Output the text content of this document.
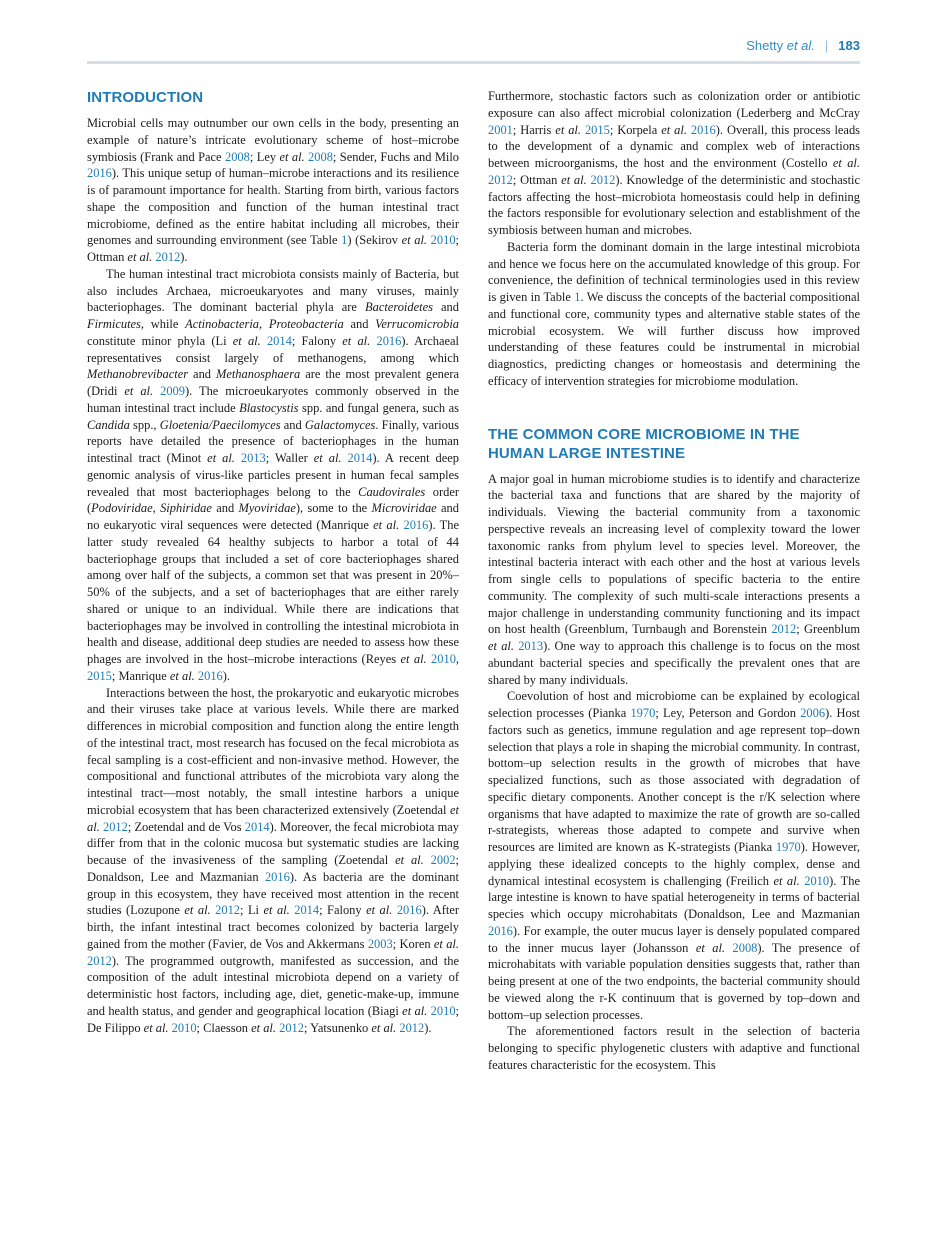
Shetty et al. | 183
INTRODUCTION

Microbial cells may outnumber our own cells in the body, presenting an example of nature’s intricate evolutionary scheme of host–microbe symbiosis (Frank and Pace 2008; Ley et al. 2008; Sender, Fuchs and Milo 2016). This unique setup of human–microbe interactions and its resilience is of paramount importance for health. Starting from birth, various factors shape the composition and function of the human intestinal tract microbiome, defined as the entire habitat including all microbes, their genomes and surrounding environment (see Table 1) (Sekirov et al. 2010; Ottman et al. 2012).

The human intestinal tract microbiota consists mainly of Bacteria, but also includes Archaea, microeukaryotes and many viruses, mainly bacteriophages. The dominant bacterial phyla are Bacteroidetes and Firmicutes, while Actinobacteria, Proteobacteria and Verrucomicrobia constitute minor phyla (Li et al. 2014; Falony et al. 2016). Archaeal representatives consist largely of methanogens, among which Methanobrevibacter and Methanosphaera are the most prevalent genera (Dridi et al. 2009). The microeukaryotes commonly observed in the human intestinal tract include Blastocystis spp. and fungal genera, such as Candida spp., Gloetenia/Paecilomyces and Galactomyces. Finally, various reports have detailed the presence of bacteriophages in the human intestinal tract (Minot et al. 2013; Waller et al. 2014). A recent deep genomic analysis of virus-like particles present in human fecal samples revealed that most bacteriophages belong to the Caudovirales order (Podoviridae, Siphiridae and Myoviridae), some to the Microviridae and no eukaryotic viral sequences were detected (Manrique et al. 2016). The latter study revealed 64 healthy subjects to harbor a total of 44 bacteriophage groups that included a set of core bacteriophages shared among over half of the subjects, a common set that was present in 20%–50% of the subjects, and a set of bacteriophages that are either rarely shared or unique to an individual. While there are indications that bacteriophages may be involved in controlling the intestinal microbiota in health and disease, additional deep studies are needed to assess how these phages are involved in the host–microbe interactions (Reyes et al. 2010, 2015; Manrique et al. 2016).

Interactions between the host, the prokaryotic and eukaryotic microbes and their viruses take place at various levels. While there are marked differences in microbial composition and function along the entire length of the intestinal tract, most research has focused on the fecal microbiota as fecal sampling is a cost-efficient and non-invasive method. However, the compositional and functional attributes of the microbiota vary along the intestinal tract—most notably, the small intestine harbors a unique microbial ecosystem that has been characterized extensively (Zoetendal et al. 2012; Zoetendal and de Vos 2014). Moreover, the fecal microbiota may differ from that in the colonic mucosa but systematic studies are lacking because of the invasiveness of the sampling (Zoetendal et al. 2002; Donaldson, Lee and Mazmanian 2016). As bacteria are the dominant group in this ecosystem, they have received most attention in the recent studies (Lozupone et al. 2012; Li et al. 2014; Falony et al. 2016). After birth, the infant intestinal tract becomes colonized by bacteria largely gained from the mother (Favier, de Vos and Akkermans 2003; Koren et al. 2012). The programmed outgrowth, manifested as succession, and the composition of the adult intestinal microbiota depend on a variety of deterministic host factors, including age, diet, genetic-make-up, immune and health status, and gender and geographical location (Biagi et al. 2010; De Filippo et al. 2010; Claesson et al. 2012; Yatsunenko et al. 2012).

Furthermore, stochastic factors such as colonization order or antibiotic exposure can also affect microbial colonization (Lederberg and McCray 2001; Harris et al. 2015; Korpela et al. 2016). Overall, this process leads to the development of a dynamic and complex web of interactions between microorganisms, the host and the environment (Costello et al. 2012; Ottman et al. 2012). Knowledge of the deterministic and stochastic factors affecting the host–microbiota homeostasis could help in defining the factors responsible for evolutionary selection and establishment of the symbiosis between human and microbes.

Bacteria form the dominant domain in the large intestinal microbiota and hence we focus here on the accumulated knowledge of this group. For convenience, the definition of technical terminologies used in this review is given in Table 1. We discuss the concepts of the bacterial compositional and functional core, community types and alternative stable states of the microbial ecosystem. We will further discuss how improved understanding of these features could be instrumental in microbial diagnostics, predicting changes or homeostasis and determining the efficacy of intervention strategies for microbiome modulation.

THE COMMON CORE MICROBIOME IN THE HUMAN LARGE INTESTINE

A major goal in human microbiome studies is to identify and characterize the bacterial taxa and functions that are shared by the majority of individuals. Viewing the bacterial community from a taxonomic perspective reveals an increasing level of complexity toward the lower taxonomic ranks from phylum level to species level. Moreover, the intestinal bacteria interact with each other and the host at various levels from single cells to populations of specific bacteria to the entire community. The complexity of such multi-scale interactions presents a major challenge in understanding community functioning and its impact on host health (Greenblum, Turnbaugh and Borenstein 2012; Greenblum et al. 2013). One way to approach this challenge is to focus on the most abundant bacterial species and specifically the prevalent ones that are shared by many individuals.

Coevolution of host and microbiome can be explained by ecological selection processes (Pianka 1970; Ley, Peterson and Gordon 2006). Host factors such as genetics, immune regulation and age represent top–down selection that plays a role in shaping the microbial community. In contrast, bottom–up selection results in the growth of microbes that have specialized functions, such as those associated with degradation of specific dietary components. Another concept is the r/K selection where organisms that have adapted to maximize the rate of growth are so-called r-strategists, whereas those adapted to compete and survive when resources are limited are known as K-strategists (Pianka 1970). However, applying these idealized concepts to the highly complex, dense and dynamical intestinal ecosystem is challenging (Freilich et al. 2010). The large intestine is known to have spatial heterogeneity in terms of bacterial species which occupy microhabitats (Donaldson, Lee and Mazmanian 2016). For example, the outer mucus layer is densely populated compared to the inner mucus layer (Johansson et al. 2008). The presence of microhabitats with variable population densities suggests that, rather than being present at one of the two endpoints, the bacterial community should be viewed along the r-K continuum that is governed by top–down and bottom–up selection processes.

The aforementioned factors result in the selection of bacteria belonging to specific phylogenetic clusters with adaptive and functional features characteristic for the ecosystem. This
